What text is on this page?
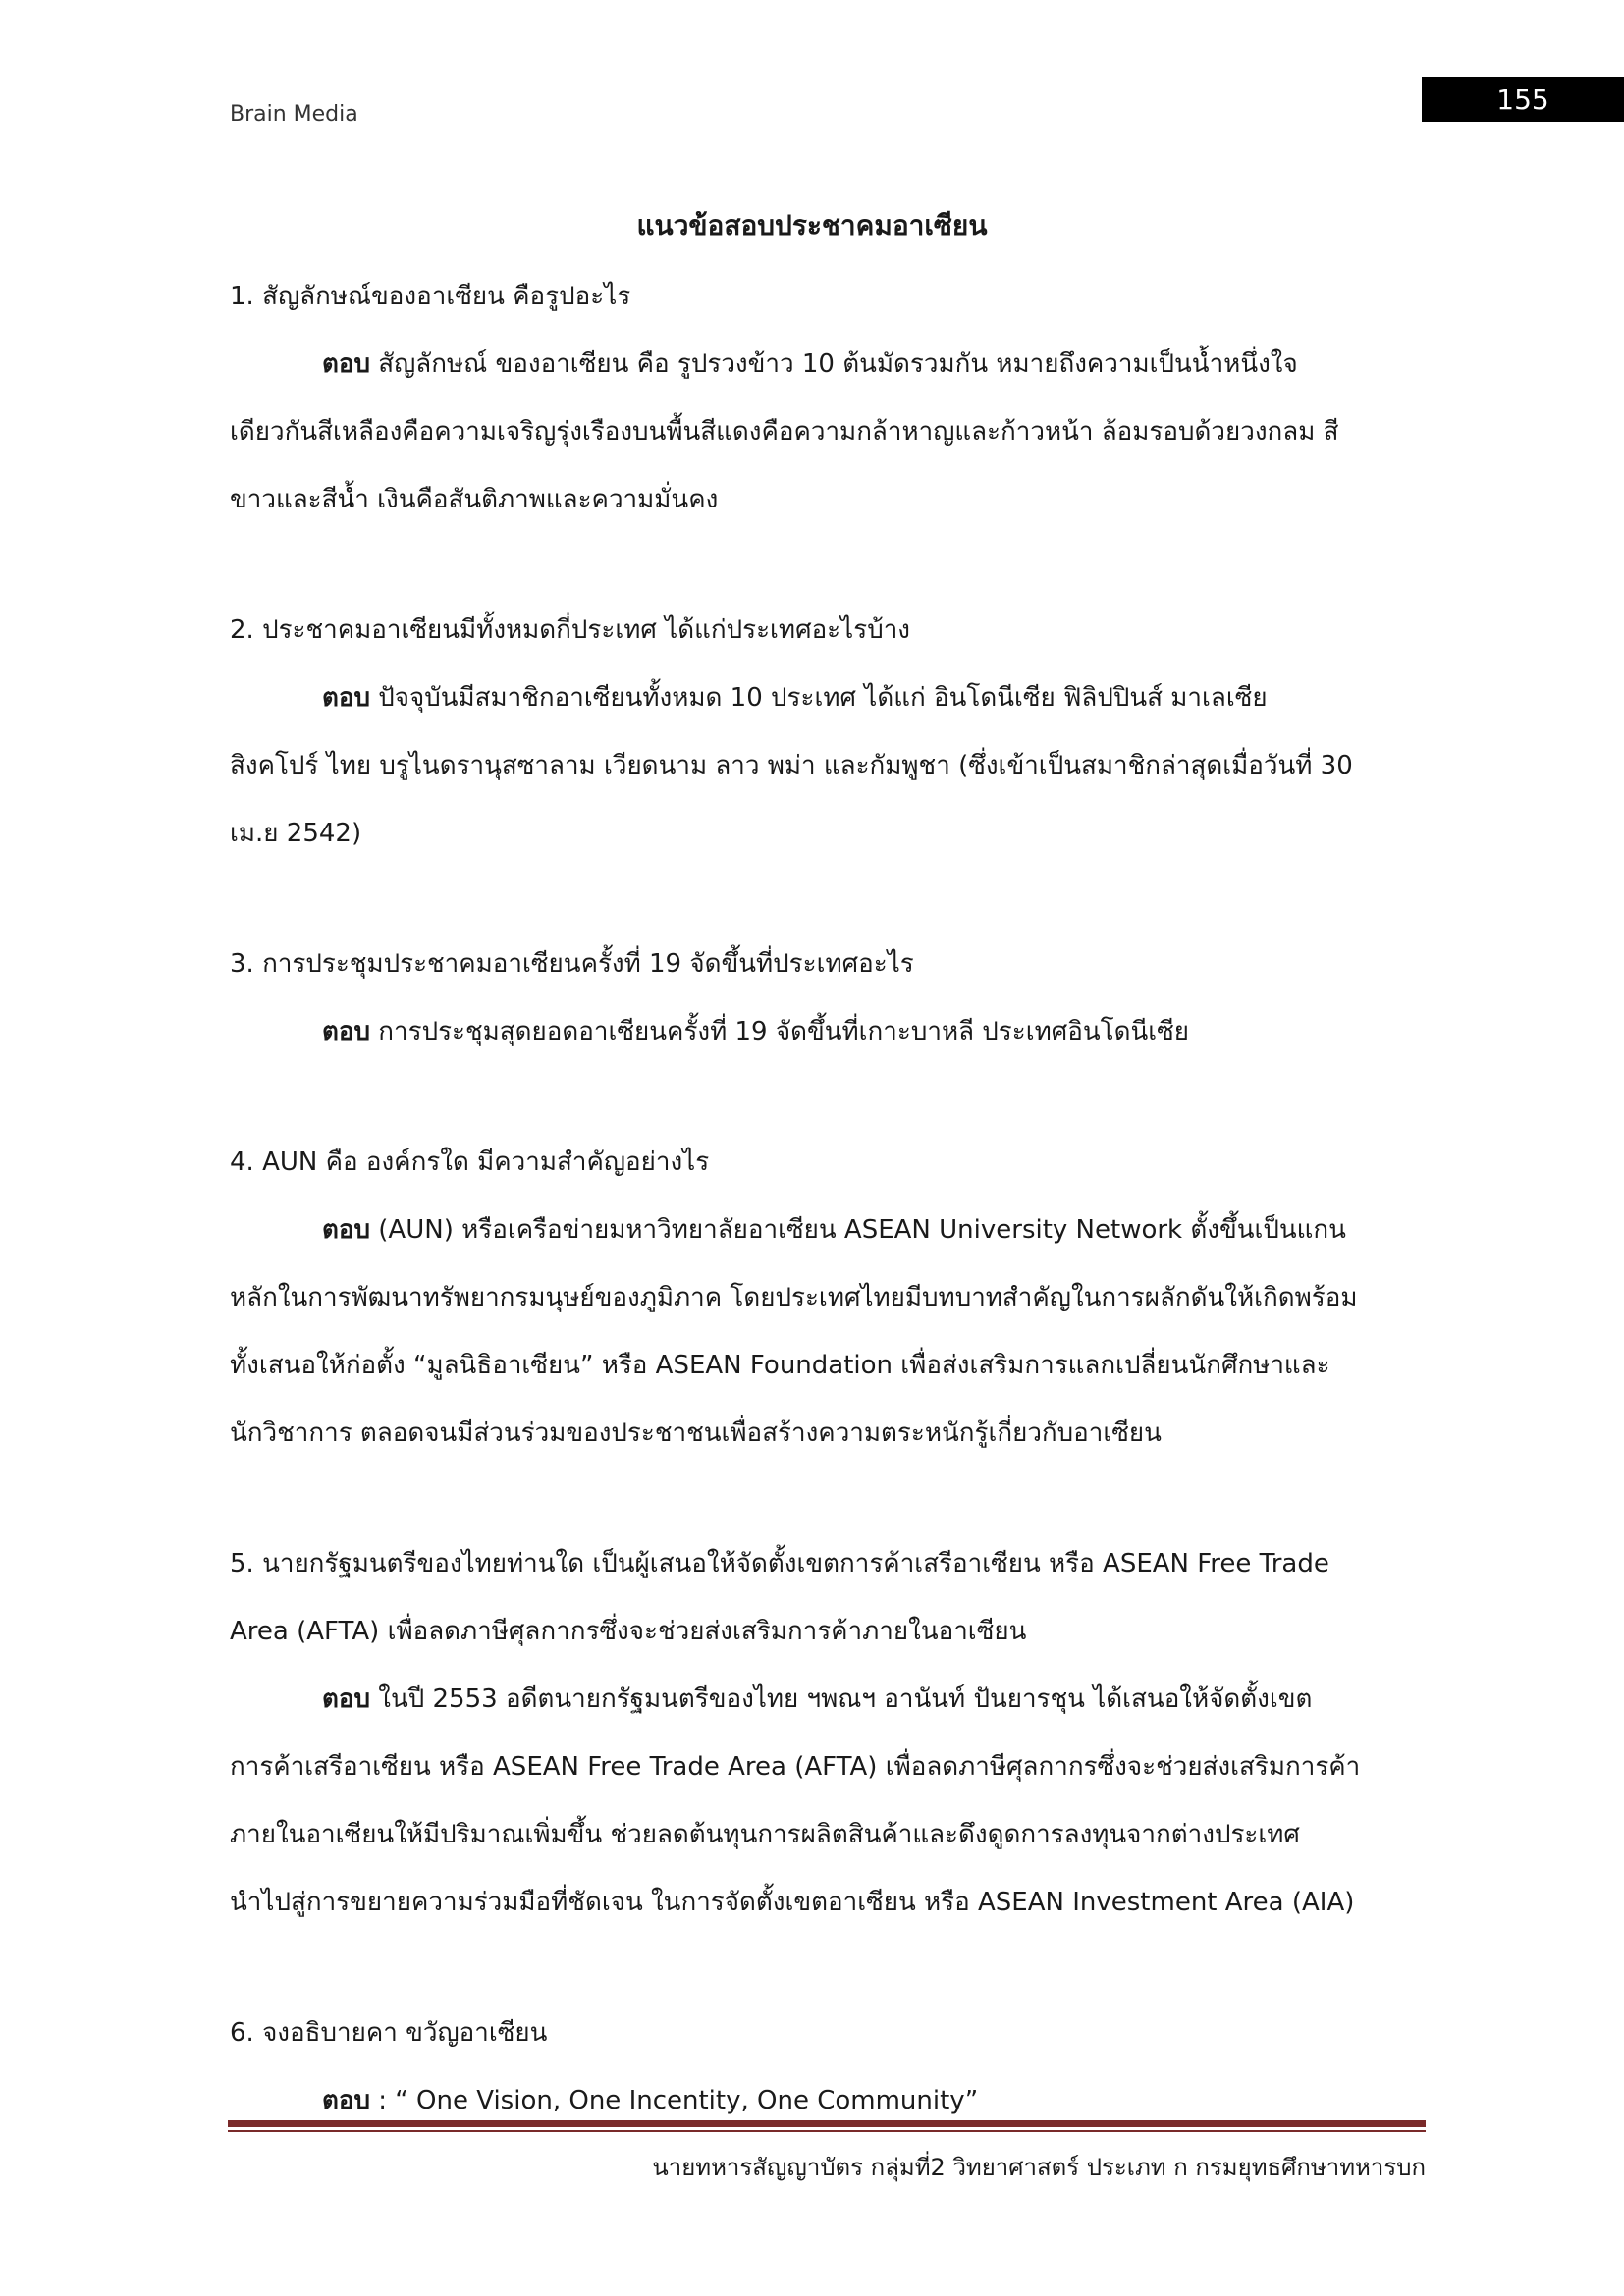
Brain Media	155
แนวข้อสอบประชาคมอาเซียน

1. สัญลักษณ์ของอาเซียน คือรูปอะไร

ตอบ สัญลักษณ์ ของอาเซียน คือ รูปรวงข้าว 10 ต้นมัดรวมกัน หมายถึงความเป็นน้ำหนึ่งใจ

เดียวกันสีเหลืองคือความเจริญรุ่งเรืองบนพื้นสีแดงคือความกล้าหาญและก้าวหน้า ล้อมรอบด้วยวงกลม สี

ขาวและสีน้ำ เงินคือสันติภาพและความมั่นคง

2. ประชาคมอาเซียนมีทั้งหมดกี่ประเทศ ได้แก่ประเทศอะไรบ้าง

ตอบ ปัจจุบันมีสมาชิกอาเซียนทั้งหมด 10 ประเทศ ได้แก่ อินโดนีเซีย ฟิลิปปินส์ มาเลเซีย

สิงคโปร์ ไทย บรูไนดรานุสซาลาม เวียดนาม ลาว พม่า และกัมพูชา (ซึ่งเข้าเป็นสมาชิกล่าสุดเมื่อวันที่ 30

เม.ย 2542)

3. การประชุมประชาคมอาเซียนครั้งที่ 19 จัดขึ้นที่ประเทศอะไร

ตอบ การประชุมสุดยอดอาเซียนครั้งที่ 19 จัดขึ้นที่เกาะบาหลี ประเทศอินโดนีเซีย

4. AUN คือ องค์กรใด มีความสำคัญอย่างไร

ตอบ (AUN) หรือเครือข่ายมหาวิทยาลัยอาเซียน ASEAN University Network ตั้งขึ้นเป็นแกน

หลักในการพัฒนาทรัพยากรมนุษย์ของภูมิภาค โดยประเทศไทยมีบทบาทสำคัญในการผลักดันให้เกิดพร้อม

ทั้งเสนอให้ก่อตั้ง “มูลนิธิอาเซียน” หรือ ASEAN Foundation เพื่อส่งเสริมการแลกเปลี่ยนนักศึกษาและ

นักวิชาการ ตลอดจนมีส่วนร่วมของประชาชนเพื่อสร้างความตระหนักรู้เกี่ยวกับอาเซียน

5. นายกรัฐมนตรีของไทยท่านใด เป็นผู้เสนอให้จัดตั้งเขตการค้าเสรีอาเซียน หรือ ASEAN Free Trade

Area (AFTA) เพื่อลดภาษีศุลกากรซึ่งจะช่วยส่งเสริมการค้าภายในอาเซียน

ตอบ ในปี 2553 อดีตนายกรัฐมนตรีของไทย ฯพณฯ อานันท์ ปันยารชุน ได้เสนอให้จัดตั้งเขต

การค้าเสรีอาเซียน หรือ ASEAN Free Trade Area (AFTA) เพื่อลดภาษีศุลกากรซึ่งจะช่วยส่งเสริมการค้า

ภายในอาเซียนให้มีปริมาณเพิ่มขึ้น ช่วยลดต้นทุนการผลิตสินค้าและดึงดูดการลงทุนจากต่างประเทศ

นำไปสู่การขยายความร่วมมือที่ชัดเจน ในการจัดตั้งเขตอาเซียน หรือ ASEAN Investment Area (AIA)

6. จงอธิบายคา ขวัญอาเซียน

ตอบ : “ One Vision, One Incentity, One Community”

นายทหารสัญญาบัตร กลุ่มที่2 วิทยาศาสตร์ ประเภท ก กรมยุทธศึกษาทหารบก
